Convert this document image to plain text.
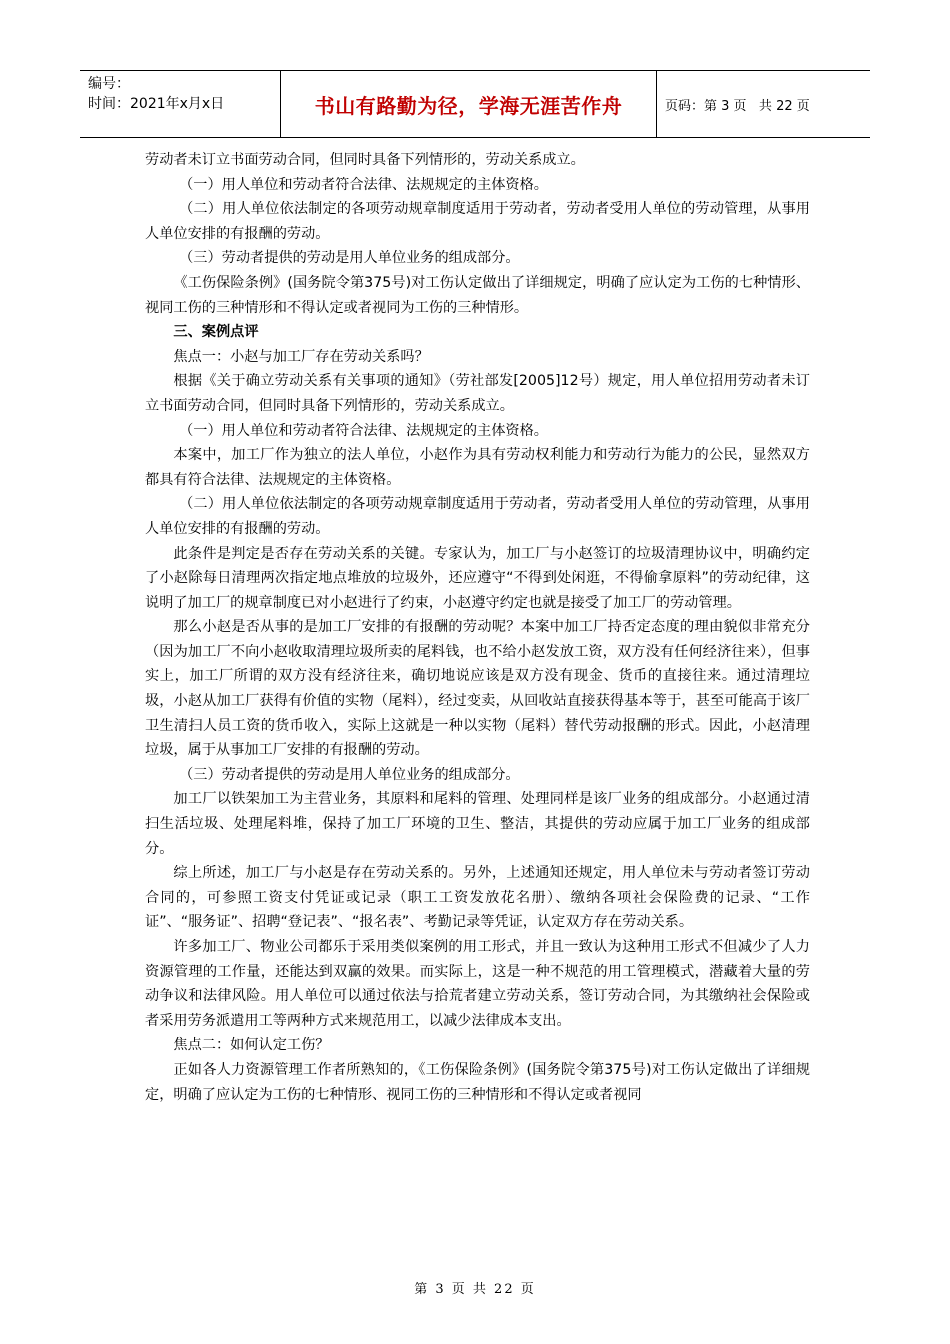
编号：
时间：2021年x月x日	书山有路勤为径，学海无涯苦作舟	页码：第 3 页   共 22 页

劳动者未订立书面劳动合同，但同时具备下列情形的，劳动关系成立。

（一）用人单位和劳动者符合法律、法规规定的主体资格。

（二）用人单位依法制定的各项劳动规章制度适用于劳动者，劳动者受用人单位的劳动管理，从事用人单位安排的有报酬的劳动。

（三）劳动者提供的劳动是用人单位业务的组成部分。

《工伤保险条例》(国务院令第375号)对工伤认定做出了详细规定，明确了应认定为工伤的七种情形、视同工伤的三种情形和不得认定或者视同为工伤的三种情形。

三、案例点评

焦点一：小赵与加工厂存在劳动关系吗？

根据《关于确立劳动关系有关事项的通知》（劳社部发[2005]12号）规定，用人单位招用劳动者未订立书面劳动合同，但同时具备下列情形的，劳动关系成立。

（一）用人单位和劳动者符合法律、法规规定的主体资格。

本案中，加工厂作为独立的法人单位，小赵作为具有劳动权利能力和劳动行为能力的公民，显然双方都具有符合法律、法规规定的主体资格。

（二）用人单位依法制定的各项劳动规章制度适用于劳动者，劳动者受用人单位的劳动管理，从事用人单位安排的有报酬的劳动。

此条件是判定是否存在劳动关系的关键。专家认为，加工厂与小赵签订的垃圾清理协议中，明确约定了小赵除每日清理两次指定地点堆放的垃圾外，还应遵守“不得到处闲逛，不得偷拿原料”的劳动纪律，这说明了加工厂的规章制度已对小赵进行了约束，小赵遵守约定也就是接受了加工厂的劳动管理。

那么小赵是否从事的是加工厂安排的有报酬的劳动呢？本案中加工厂持否定态度的理由貌似非常充分（因为加工厂不向小赵收取清理垃圾所卖的尾料钱，也不给小赵发放工资，双方没有任何经济往来），但事实上，加工厂所谓的双方没有经济往来，确切地说应该是双方没有现金、货币的直接往来。通过清理垃圾，小赵从加工厂获得有价值的实物（尾料），经过变卖，从回收站直接获得基本等于，甚至可能高于该厂卫生清扫人员工资的货币收入，实际上这就是一种以实物（尾料）替代劳动报酬的形式。因此，小赵清理垃圾，属于从事加工厂安排的有报酬的劳动。

（三）劳动者提供的劳动是用人单位业务的组成部分。

加工厂以铁架加工为主营业务，其原料和尾料的管理、处理同样是该厂业务的组成部分。小赵通过清扫生活垃圾、处理尾料堆，保持了加工厂环境的卫生、整洁，其提供的劳动应属于加工厂业务的组成部分。

综上所述，加工厂与小赵是存在劳动关系的。另外，上述通知还规定，用人单位未与劳动者签订劳动合同的，可参照工资支付凭证或记录（职工工资发放花名册）、缴纳各项社会保险费的记录、“工作证”、“服务证”、招聘“登记表”、“报名表”、考勤记录等凭证，认定双方存在劳动关系。

许多加工厂、物业公司都乐于采用类似案例的用工形式，并且一致认为这种用工形式不但减少了人力资源管理的工作量，还能达到双赢的效果。而实际上，这是一种不规范的用工管理模式，潜藏着大量的劳动争议和法律风险。用人单位可以通过依法与拾荒者建立劳动关系，签订劳动合同，为其缴纳社会保险或者采用劳务派遣用工等两种方式来规范用工，以减少法律成本支出。

焦点二：如何认定工伤？

正如各人力资源管理工作者所熟知的，《工伤保险条例》(国务院令第375号)对工伤认定做出了详细规定，明确了应认定为工伤的七种情形、视同工伤的三种情形和不得认定或者视同

第 3 页 共 22 页
